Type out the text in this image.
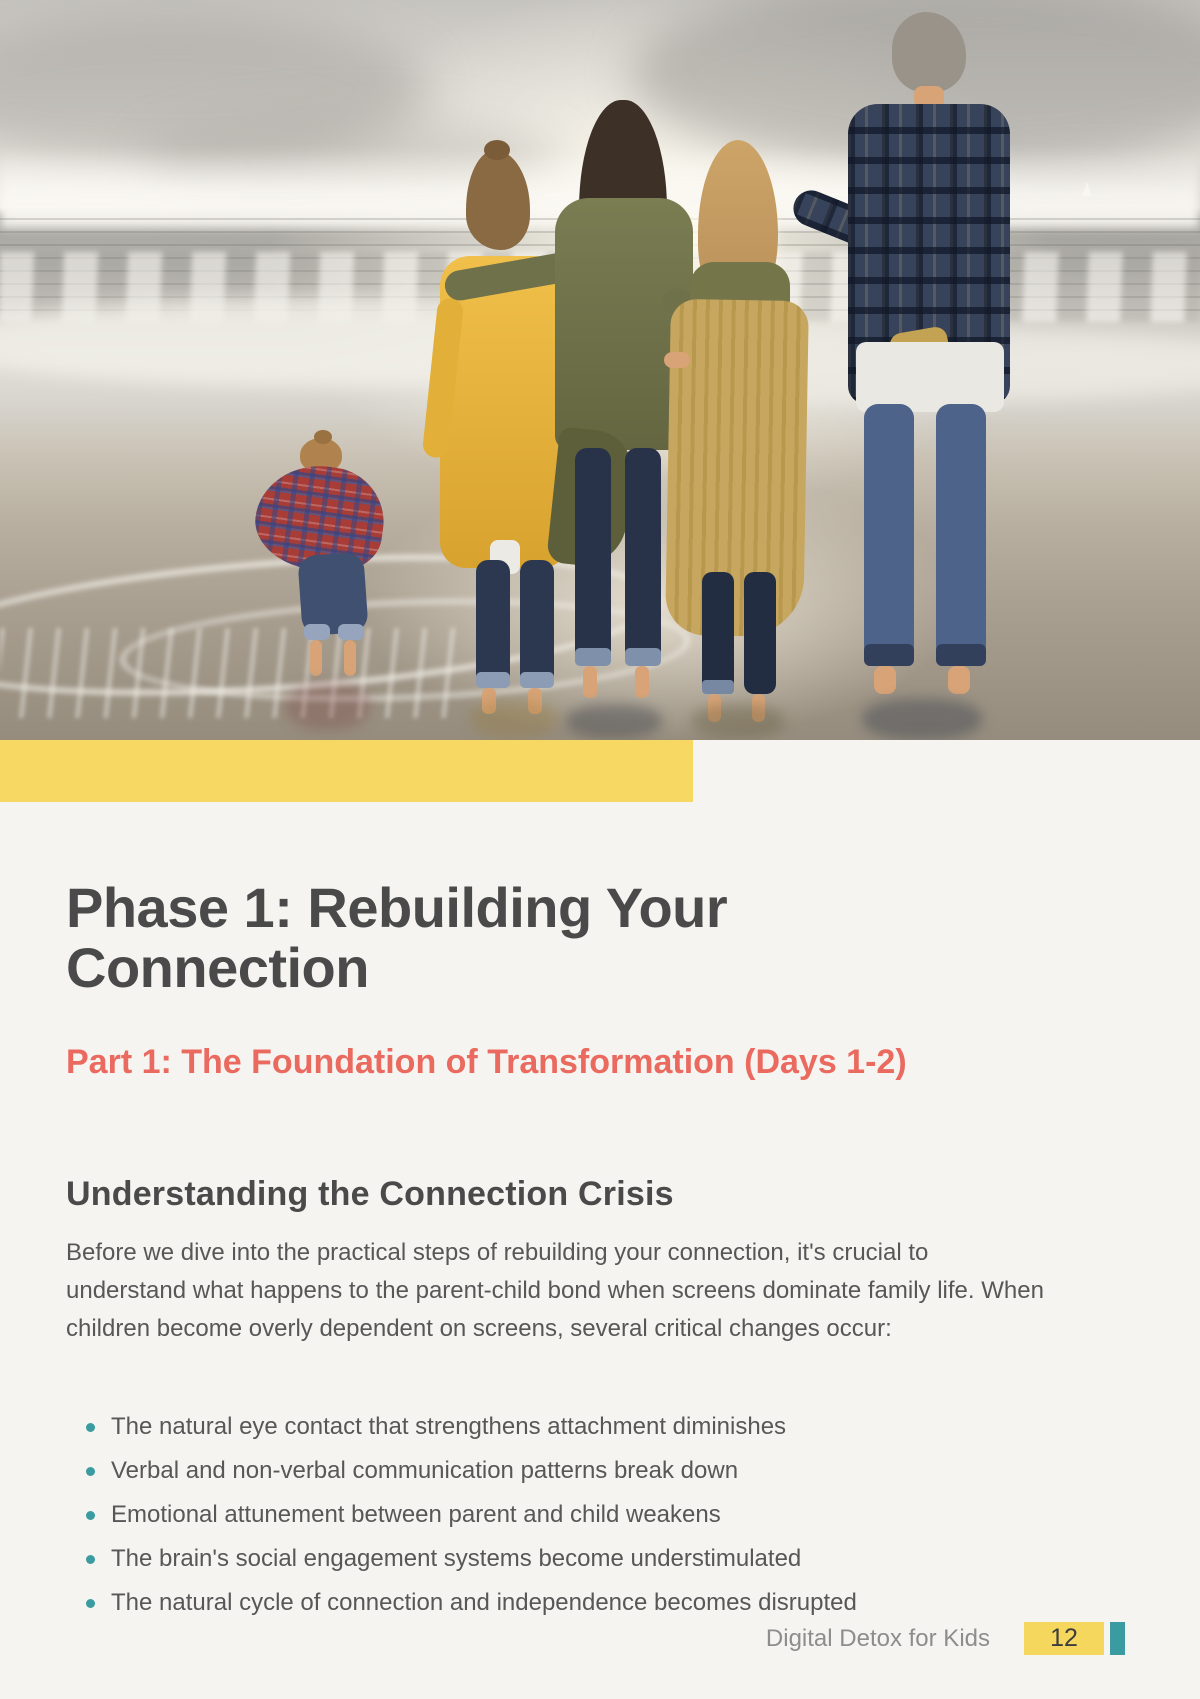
Phase 1: Rebuilding Your Connection
Part 1: The Foundation of Transformation (Days 1-2)
Understanding the Connection Crisis

Before we dive into the practical steps of rebuilding your connection, it's crucial to understand what happens to the parent-child bond when screens dominate family life. When children become overly dependent on screens, several critical changes occur:

The natural eye contact that strengthens attachment diminishes
Verbal and non-verbal communication patterns break down
Emotional attunement between parent and child weakens
The brain's social engagement systems become understimulated
The natural cycle of connection and independence becomes disrupted
Digital Detox for Kids	12
